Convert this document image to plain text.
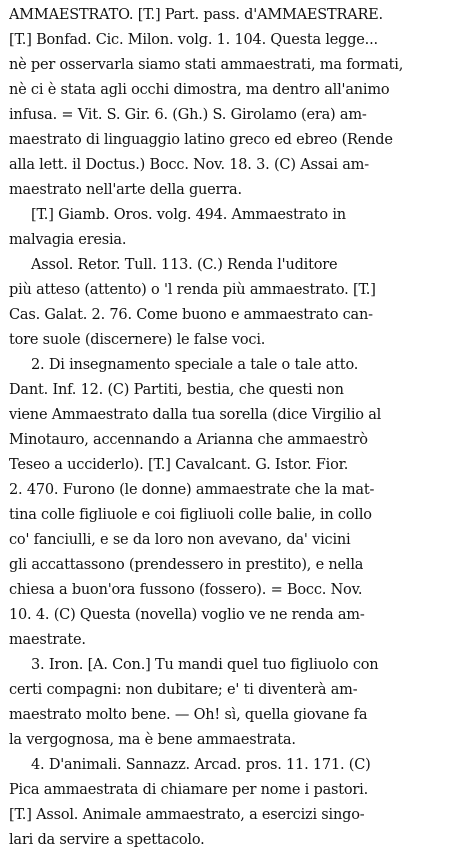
AMMAESTRATO. [T.] Part. pass. d'AMMAESTRARE.
[T.] Bonfad. Cic. Milon. volg. 1. 104. Questa legge...
nè per osservarla siamo stati ammaestrati, ma formati,
nè ci è stata agli occhi dimostra, ma dentro all'animo
infusa. = Vit. S. Gir. 6. (Gh.) S. Girolamo (era) am-
maestrato di linguaggio latino greco ed ebreo (Rende
alla lett. il Doctus.) Bocc. Nov. 18. 3. (C) Assai am-
maestrato nell'arte della guerra.
[T.] Giamb. Oros. volg. 494. Ammaestrato in
malvagia eresia.
Assol. Retor. Tull. 113. (C.) Renda l'uditore
più atteso (attento) o 'l renda più ammaestrato. [T.]
Cas. Galat. 2. 76. Come buono e ammaestrato can-
tore suole (discernere) le false voci.
2. Di insegnamento speciale a tale o tale atto.
Dant. Inf. 12. (C) Partiti, bestia, che questi non
viene Ammaestrato dalla tua sorella (dice Virgilio al
Minotauro, accennando a Arianna che ammaestrò
Teseo a ucciderlo). [T.] Cavalcant. G. Istor. Fior.
2. 470. Furono (le donne) ammaestrate che la mat-
tina colle figliuole e coi figliuoli colle balie, in collo
co' fanciulli, e se da loro non avevano, da' vicini
gli accattassono (prendessero in prestito), e nella
chiesa a buon'ora fussono (fossero). = Bocc. Nov.
10. 4. (C) Questa (novella) voglio ve ne renda am-
maestrate.
3. Iron. [A. Con.] Tu mandi quel tuo figliuolo con
certi compagni: non dubitare; e' ti diventerà am-
maestrato molto bene. — Oh! sì, quella giovane fa
la vergognosa, ma è bene ammaestrata.
4. D'animali. Sannazz. Arcad. pros. 11. 171. (C)
Pica ammaestrata di chiamare per nome i pastori.
[T.] Assol. Animale ammaestrato, a esercizi singo-
lari da servire a spettacolo.
